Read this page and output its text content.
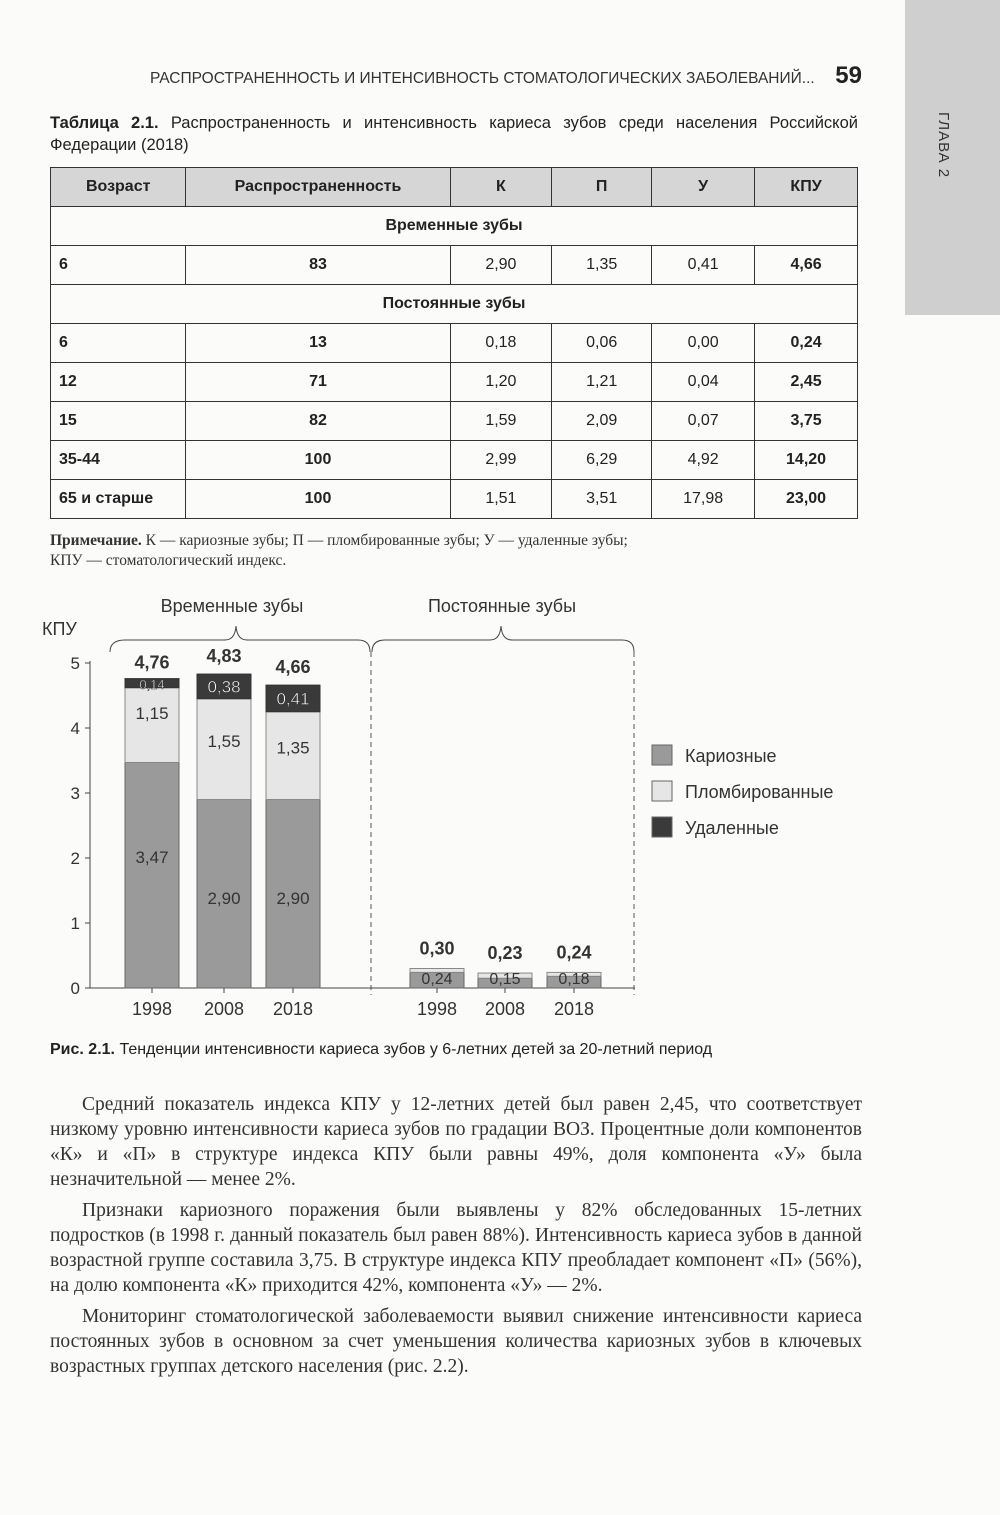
ГЛАВА 2
РАСПРОСТРАНЕННОСТЬ И ИНТЕНСИВНОСТЬ СТОМАТОЛОГИЧЕСКИХ ЗАБОЛЕВАНИЙ... 59
Таблица 2.1. Распространенность и интенсивность кариеса зубов среди населения Российской Федерации (2018)
Возраст	Распространенность	К	П	У	КПУ
Временные зубы					
6	83	2,90	1,35	0,41	4,66
Постоянные зубы					
6	13	0,18	0,06	0,00	0,24
12	71	1,20	1,21	0,04	2,45
15	82	1,59	2,09	0,07	3,75
35-44	100	2,99	6,29	4,92	14,20
65 и старше	100	1,51	3,51	17,98	23,00
Примечание. К — кариозные зубы; П — пломбированные зубы; У — удаленные зубы;
КПУ — стоматологический индекс.
КПУ
0
1
2
3
4
5
Временные зубы	Постоянные зубы
1998
4,76
3,47
1,15
0,14
2008
4,83
2,90
1,55
0,38
2018
4,66
2,90
1,35
0,41
1998
0,30
0,24
2008
0,23
0,15
2018
0,24
0,18
Кариозные
Пломбированные
Удаленные
Рис. 2.1. Тенденции интенсивности кариеса зубов у 6-летних детей за 20-летний период

Средний показатель индекса КПУ у 12-летних детей был равен 2,45, что соответствует низкому уровню интенсивности кариеса зубов по градации ВОЗ. Процентные доли компонентов «К» и «П» в структуре индекса КПУ были равны 49%, доля компонента «У» была незначительной — менее 2%.

Признаки кариозного поражения были выявлены у 82% обследованных 15-летних подростков (в 1998 г. данный показатель был равен 88%). Интенсивность кариеса зубов в данной возрастной группе составила 3,75. В структуре индекса КПУ преобладает компонент «П» (56%), на долю компонента «К» приходится 42%, компонента «У» — 2%.

Мониторинг стоматологической заболеваемости выявил снижение интенсивности кариеса постоянных зубов в основном за счет уменьшения количества кариозных зубов в ключевых возрастных группах детского населения (рис. 2.2).
